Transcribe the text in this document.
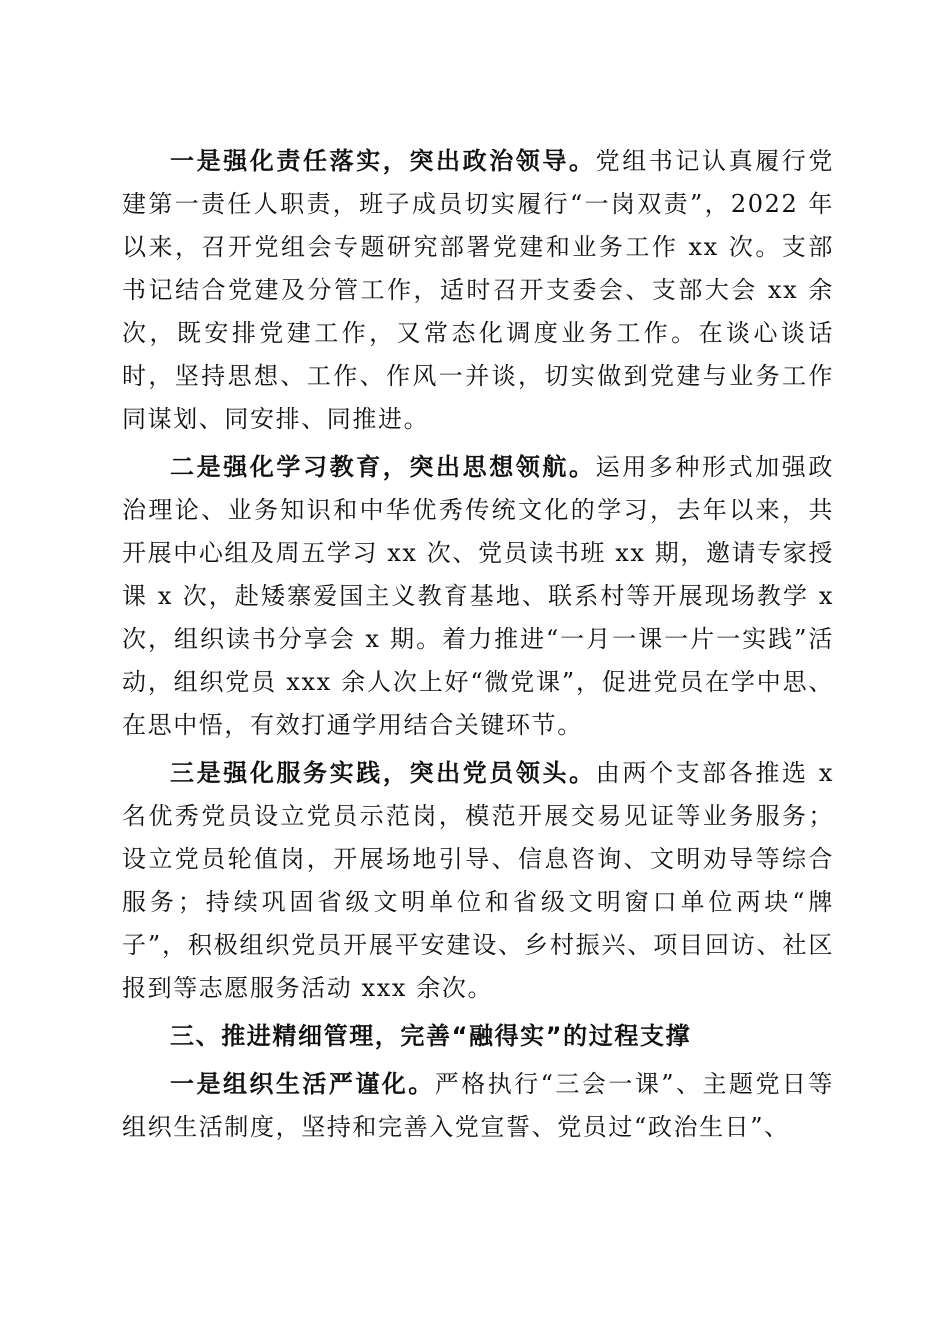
一是强化责任落实，突出政治领导。党组书记认真履行党建第一责任人职责，班子成员切实履行“一岗双责”，2022 年以来，召开党组会专题研究部署党建和业务工作 xx 次。支部书记结合党建及分管工作，适时召开支委会、支部大会 xx 余次，既安排党建工作，又常态化调度业务工作。在谈心谈话时，坚持思想、工作、作风一并谈，切实做到党建与业务工作同谋划、同安排、同推进。

二是强化学习教育，突出思想领航。运用多种形式加强政治理论、业务知识和中华优秀传统文化的学习，去年以来，共开展中心组及周五学习 xx 次、党员读书班 xx 期，邀请专家授课 x 次，赴矮寨爱国主义教育基地、联系村等开展现场教学 x 次，组织读书分享会 x 期。着力推进“一月一课一片一实践”活动，组织党员 xxx 余人次上好“微党课”，促进党员在学中思、在思中悟，有效打通学用结合关键环节。

三是强化服务实践，突出党员领头。由两个支部各推选 x 名优秀党员设立党员示范岗，模范开展交易见证等业务服务；设立党员轮值岗，开展场地引导、信息咨询、文明劝导等综合服务；持续巩固省级文明单位和省级文明窗口单位两块“牌子”，积极组织党员开展平安建设、乡村振兴、项目回访、社区报到等志愿服务活动 xxx 余次。

三、推进精细管理，完善“融得实”的过程支撑

一是组织生活严谨化。严格执行“三会一课”、主题党日等组织生活制度，坚持和完善入党宣誓、党员过“政治生日”、
